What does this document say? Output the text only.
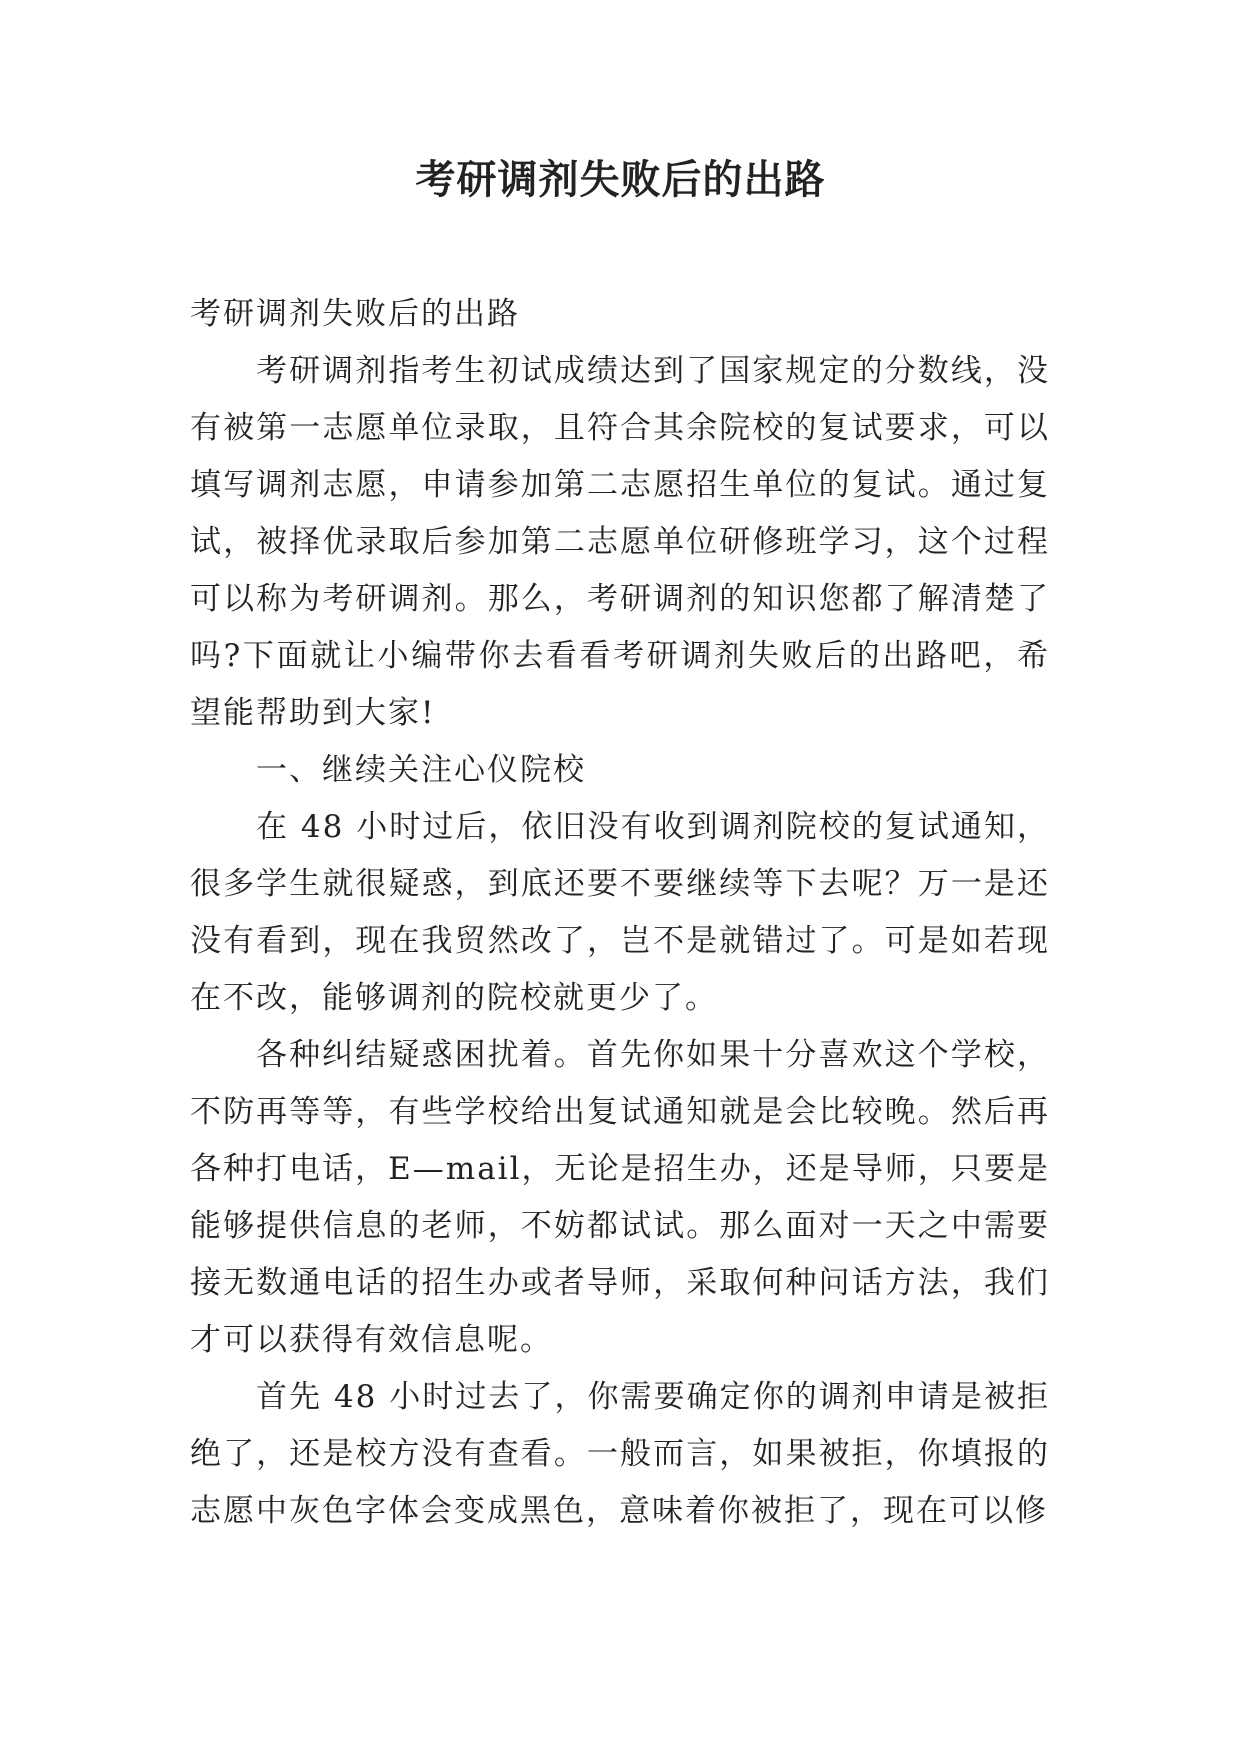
考研调剂失败后的出路

考研调剂失败后的出路

考研调剂指考生初试成绩达到了国家规定的分数线，没有被第一志愿单位录取，且符合其余院校的复试要求，可以填写调剂志愿，申请参加第二志愿招生单位的复试。通过复试，被择优录取后参加第二志愿单位研修班学习，这个过程可以称为考研调剂。那么，考研调剂的知识您都了解清楚了吗?下面就让小编带你去看看考研调剂失败后的出路吧，希望能帮助到大家!

一、继续关注心仪院校

在 48 小时过后，依旧没有收到调剂院校的复试通知，很多学生就很疑惑，到底还要不要继续等下去呢？万一是还没有看到，现在我贸然改了，岂不是就错过了。可是如若现在不改，能够调剂的院校就更少了。

各种纠结疑惑困扰着。首先你如果十分喜欢这个学校，不防再等等，有些学校给出复试通知就是会比较晚。然后再各种打电话，E—mail，无论是招生办，还是导师，只要是能够提供信息的老师，不妨都试试。那么面对一天之中需要接无数通电话的招生办或者导师，采取何种问话方法，我们才可以获得有效信息呢。

首先 48 小时过去了，你需要确定你的调剂申请是被拒绝了，还是校方没有查看。一般而言，如果被拒，你填报的志愿中灰色字体会变成黑色，意味着你被拒了，现在可以修
